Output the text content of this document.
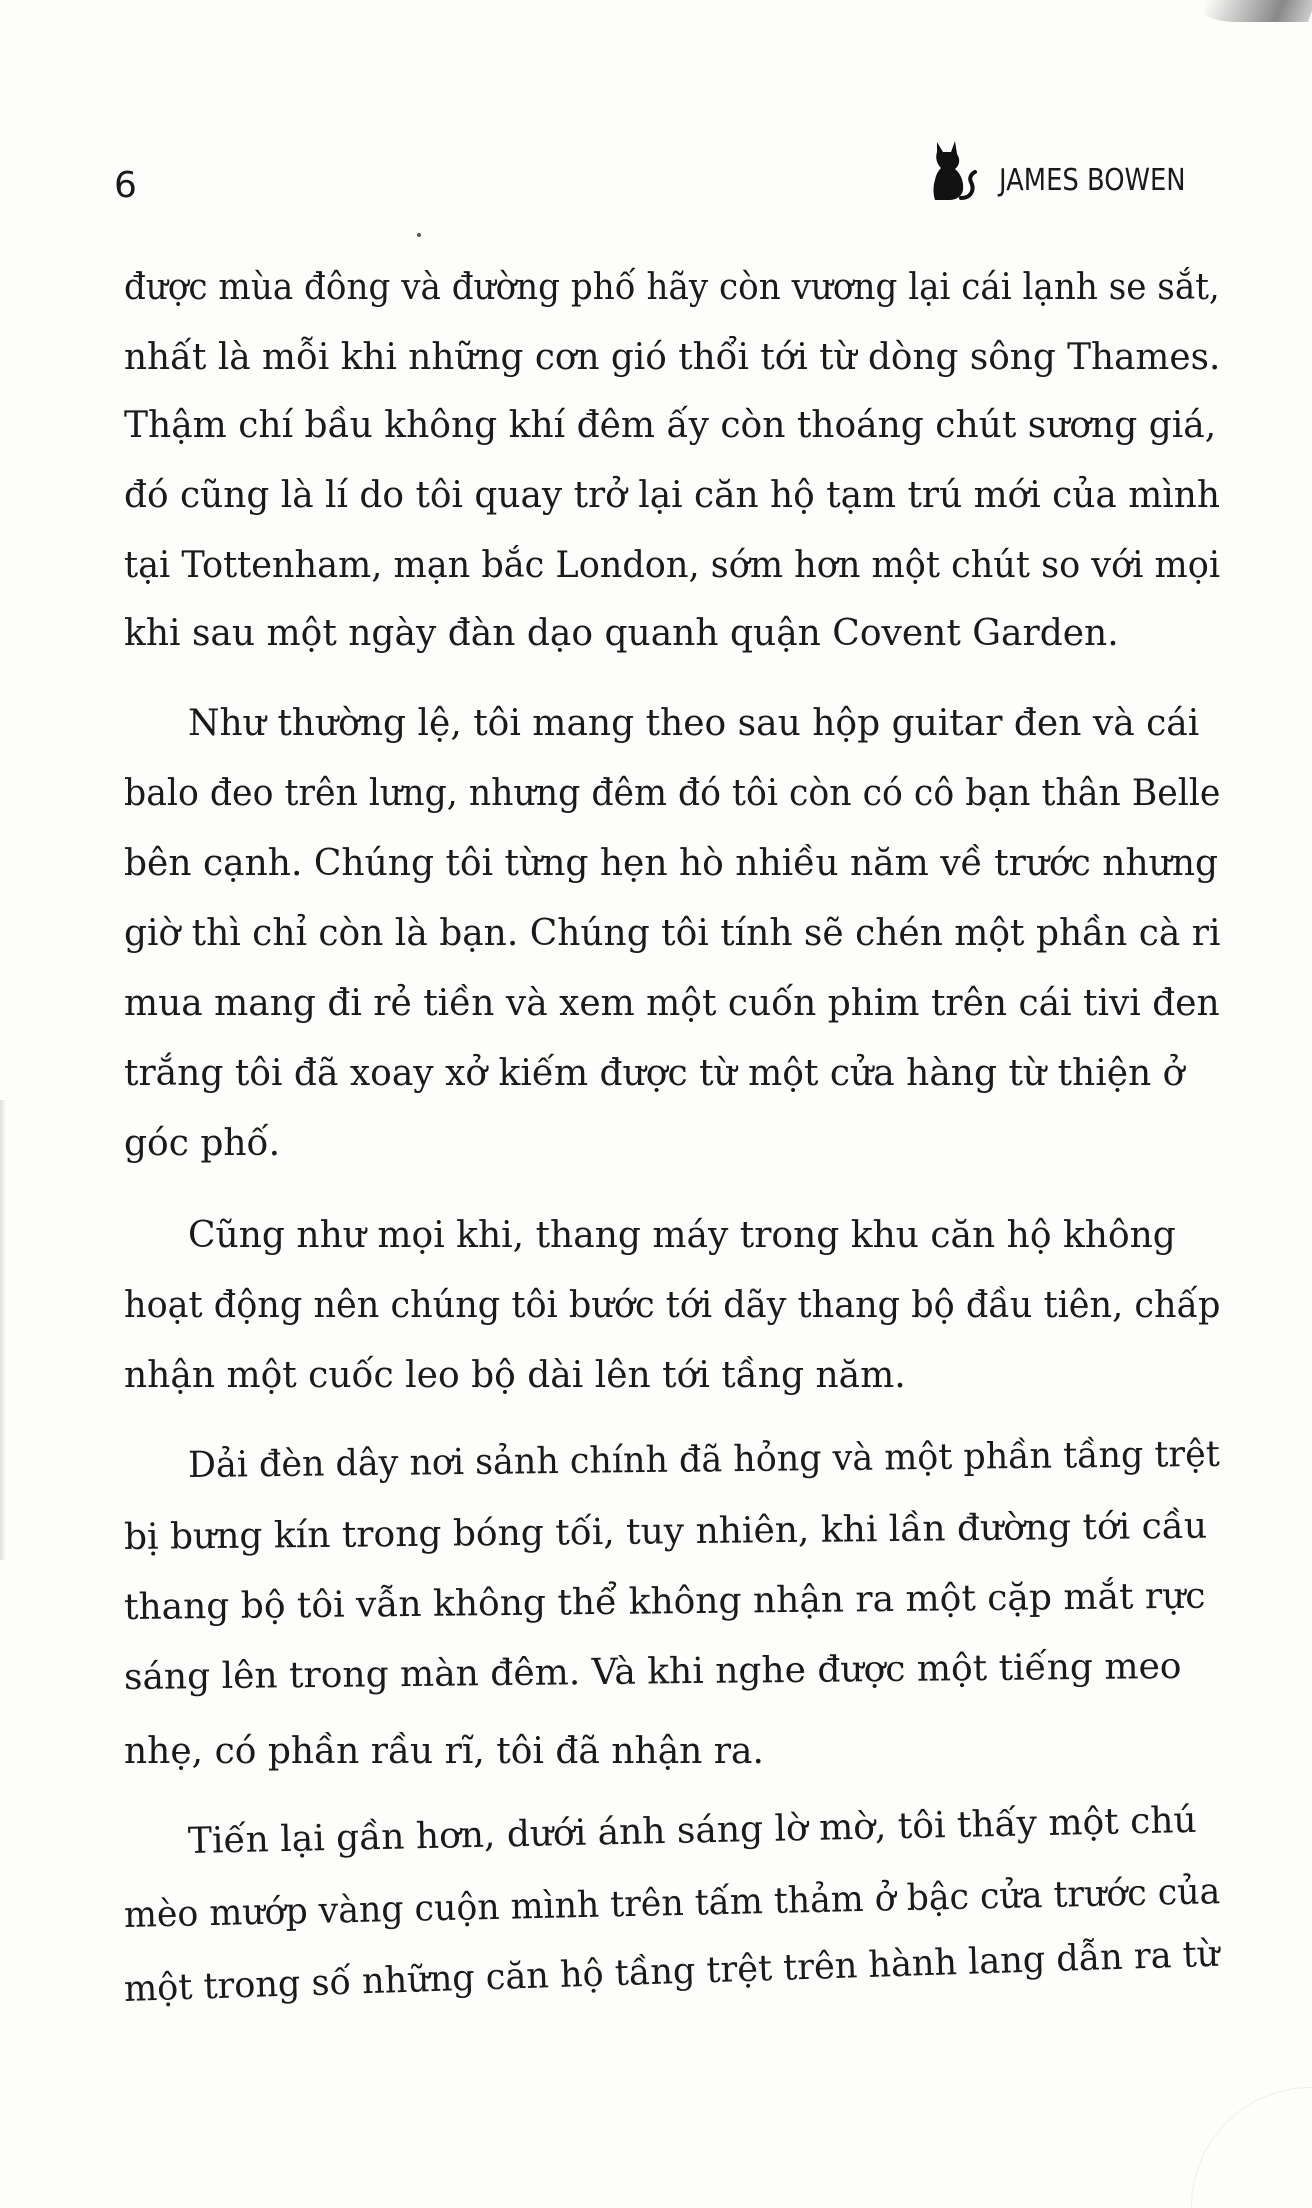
6	JAMES BOWEN
được mùa đông và đường phố hãy còn vương lại cái lạnh se sắt,
nhất là mỗi khi những cơn gió thổi tới từ dòng sông Thames.
Thậm chí bầu không khí đêm ấy còn thoáng chút sương giá,
đó cũng là lí do tôi quay trở lại căn hộ tạm trú mới của mình
tại Tottenham, mạn bắc London, sớm hơn một chút so với mọi
khi sau một ngày đàn dạo quanh quận Covent Garden.
Như thường lệ, tôi mang theo sau hộp guitar đen và cái
balo đeo trên lưng, nhưng đêm đó tôi còn có cô bạn thân Belle
bên cạnh. Chúng tôi từng hẹn hò nhiều năm về trước nhưng
giờ thì chỉ còn là bạn. Chúng tôi tính sẽ chén một phần cà ri
mua mang đi rẻ tiền và xem một cuốn phim trên cái tivi đen
trắng tôi đã xoay xở kiếm được từ một cửa hàng từ thiện ở
góc phố.
Cũng như mọi khi, thang máy trong khu căn hộ không
hoạt động nên chúng tôi bước tới dãy thang bộ đầu tiên, chấp
nhận một cuốc leo bộ dài lên tới tầng năm.
Dải đèn dây nơi sảnh chính đã hỏng và một phần tầng trệt
bị bưng kín trong bóng tối, tuy nhiên, khi lần đường tới cầu
thang bộ tôi vẫn không thể không nhận ra một cặp mắt rực
sáng lên trong màn đêm. Và khi nghe được một tiếng meo
nhẹ, có phần rầu rĩ, tôi đã nhận ra.
Tiến lại gần hơn, dưới ánh sáng lờ mờ, tôi thấy một chú
mèo mướp vàng cuộn mình trên tấm thảm ở bậc cửa trước của
một trong số những căn hộ tầng trệt trên hành lang dẫn ra từ
